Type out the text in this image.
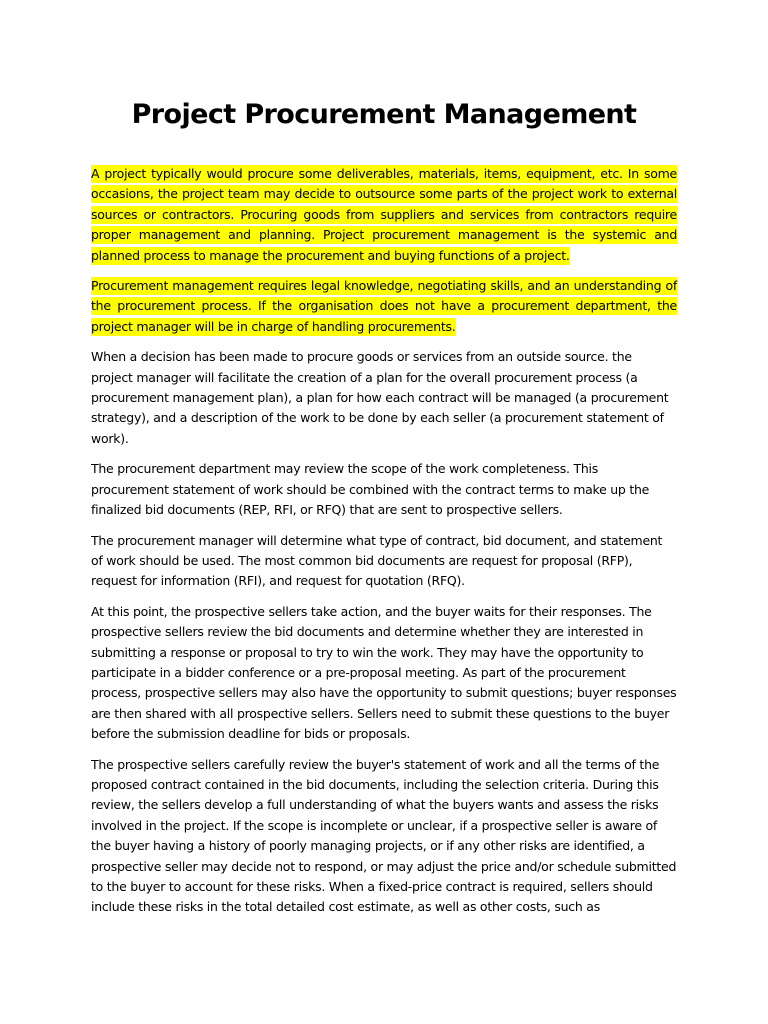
Project Procurement Management

A project typically would procure some deliverables, materials, items, equipment, etc. In some occasions, the project team may decide to outsource some parts of the project work to external sources or contractors. Procuring goods from suppliers and services from contractors require proper management and planning. Project procurement management is the systemic and planned process to manage the procurement and buying functions of a project.

Procurement management requires legal knowledge, negotiating skills, and an understanding of the procurement process. If the organisation does not have a procurement department, the project manager will be in charge of handling procurements.

When a decision has been made to procure goods or services from an outside source. the project manager will facilitate the creation of a plan for the overall procurement process (a procurement management plan), a plan for how each contract will be managed (a procurement strategy), and a description of the work to be done by each seller (a procurement statement of work).

The procurement department may review the scope of the work completeness. This procurement statement of work should be combined with the contract terms to make up the finalized bid documents (REP, RFI, or RFQ) that are sent to prospective sellers.

The procurement manager will determine what type of contract, bid document, and statement of work should be used. The most common bid documents are request for proposal (RFP), request for information (RFI), and request for quotation (RFQ).

At this point, the prospective sellers take action, and the buyer waits for their responses. The prospective sellers review the bid documents and determine whether they are interested in submitting a response or proposal to try to win the work. They may have the opportunity to participate in a bidder conference or a pre-proposal meeting. As part of the procurement process, prospective sellers may also have the opportunity to submit questions; buyer responses are then shared with all prospective sellers. Sellers need to submit these questions to the buyer before the submission deadline for bids or proposals.

The prospective sellers carefully review the buyer's statement of work and all the terms of the proposed contract contained in the bid documents, including the selection criteria. During this review, the sellers develop a full understanding of what the buyers wants and assess the risks involved in the project. If the scope is incomplete or unclear, if a prospective seller is aware of the buyer having a history of poorly managing projects, or if any other risks are identified, a prospective seller may decide not to respond, or may adjust the price and/or schedule submitted to the buyer to account for these risks. When a fixed-price contract is required, sellers should include these risks in the total detailed cost estimate, as well as other costs, such as
